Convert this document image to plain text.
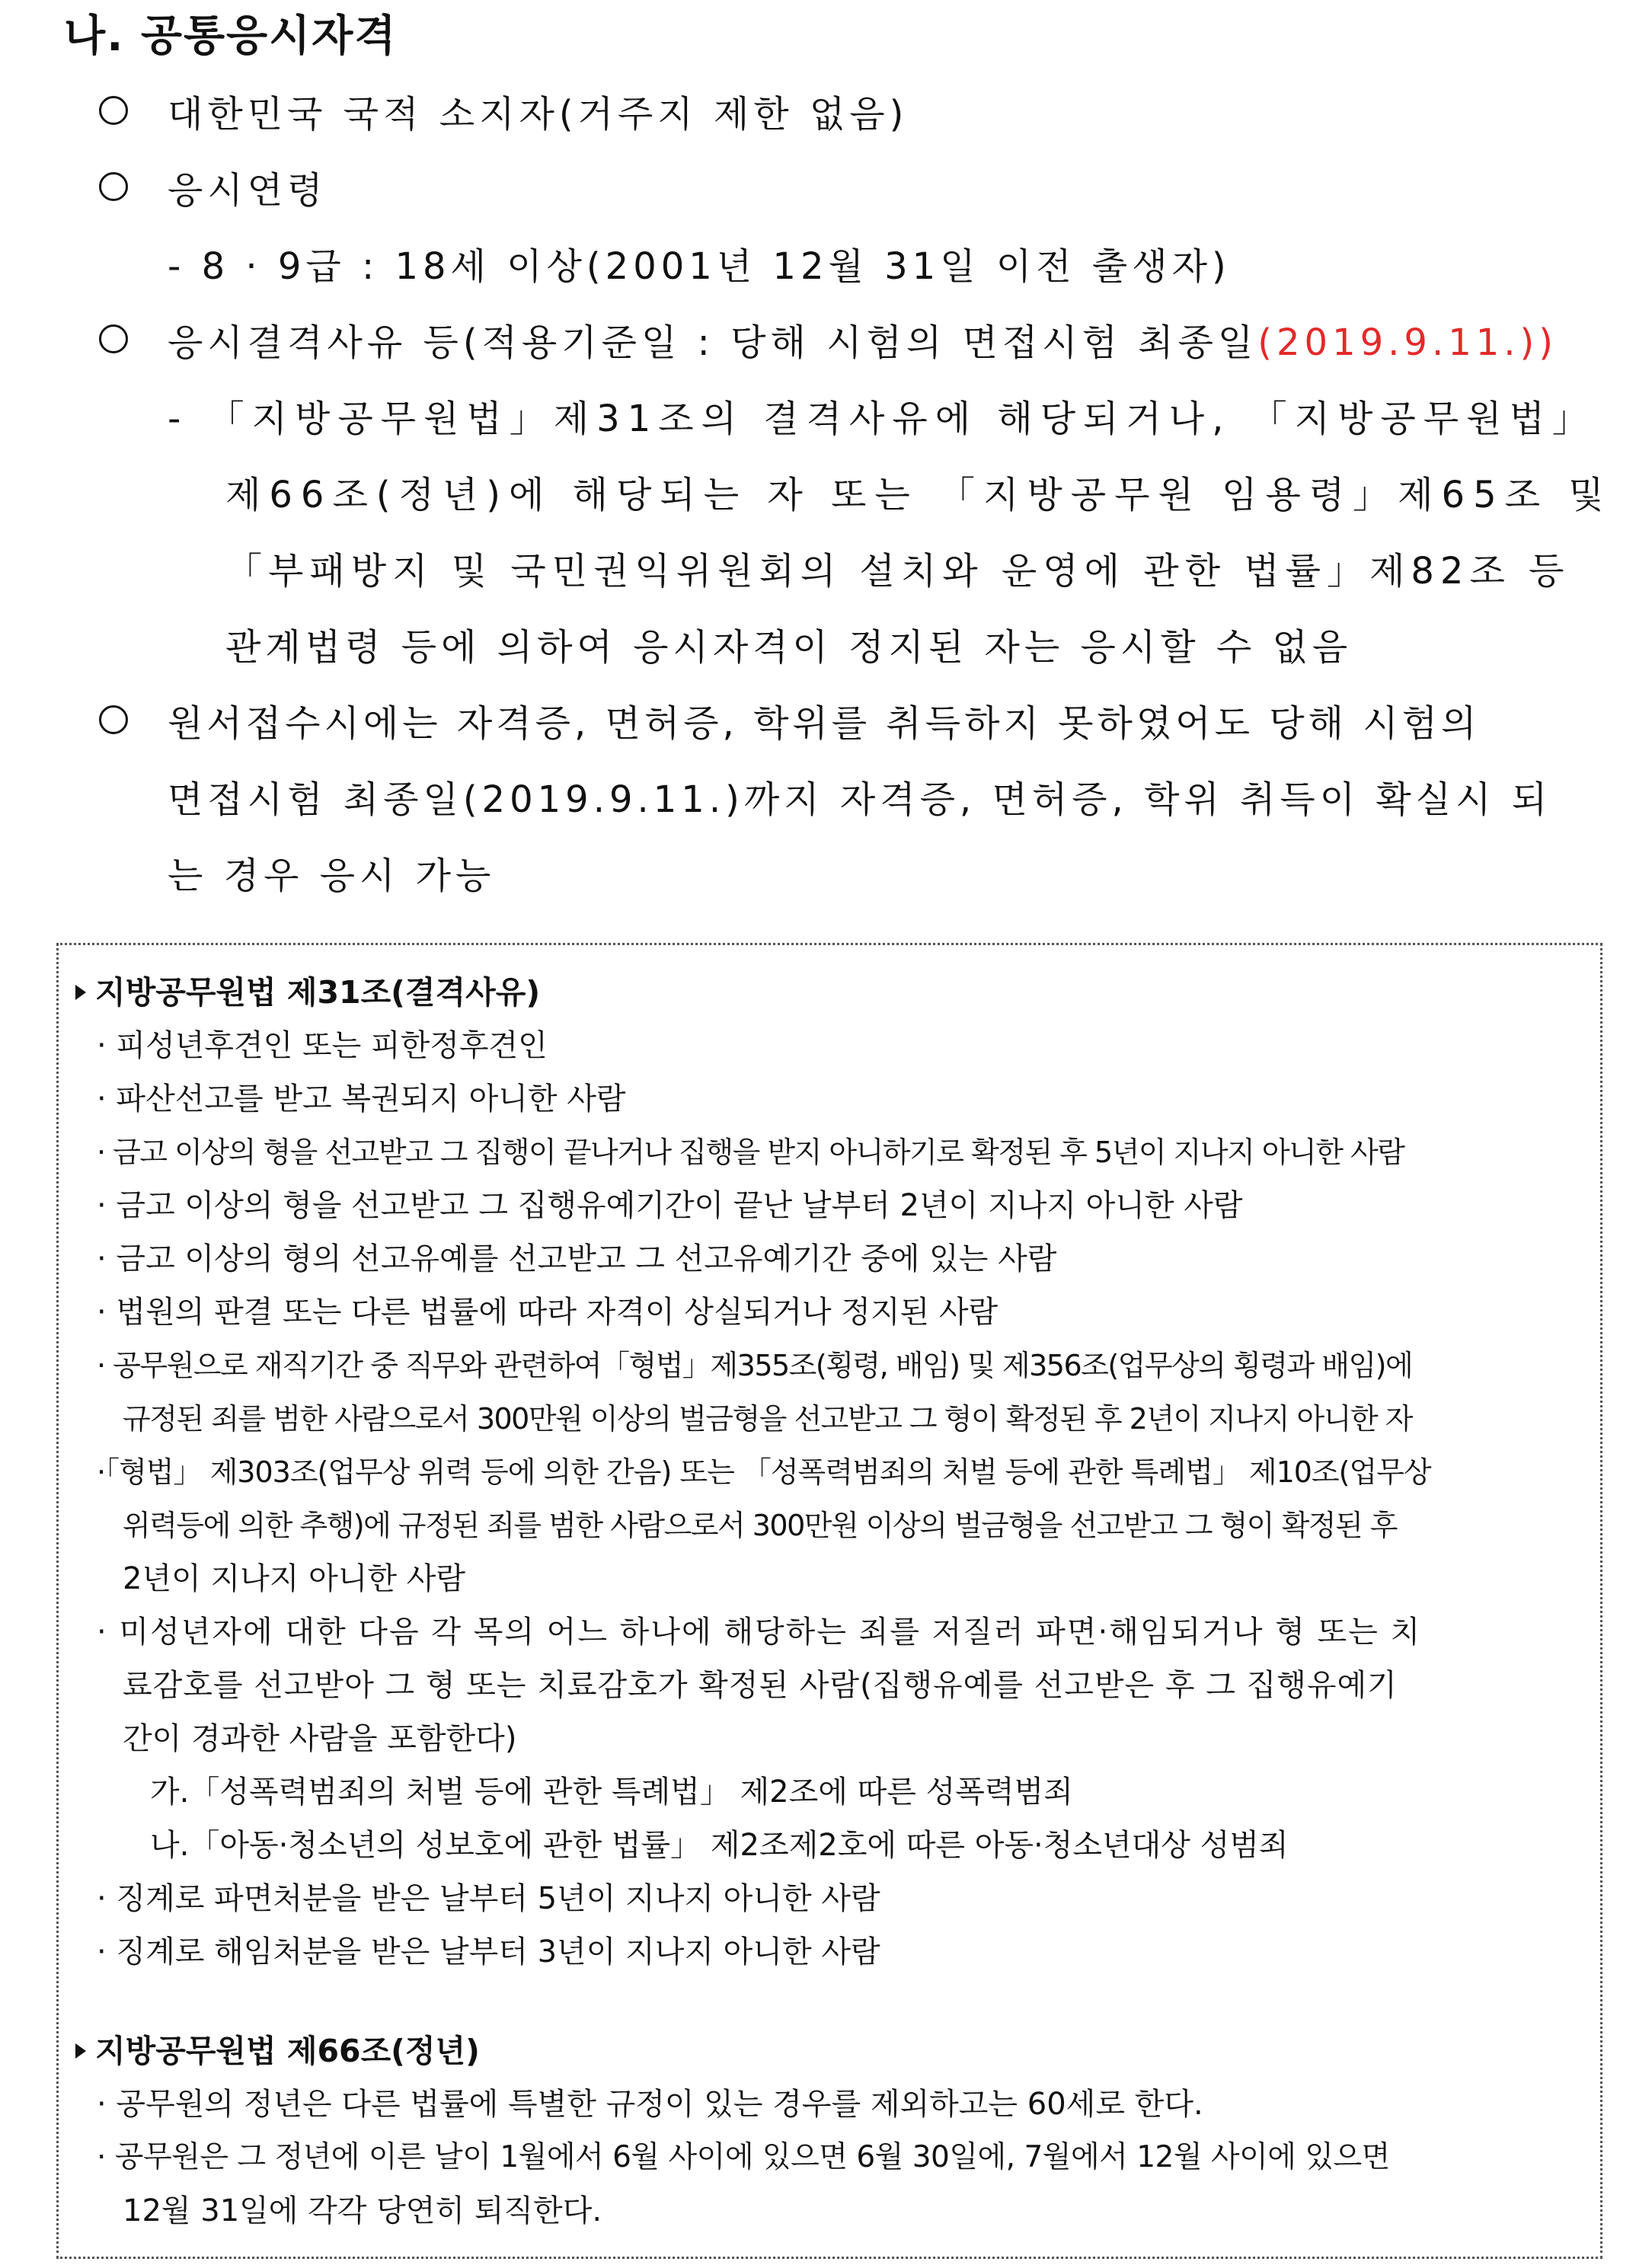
나. 공통응시자격
대한민국 국적 소지자(거주지 제한 없음)
응시연령
- 8 · 9급 : 18세 이상(2001년 12월 31일 이전 출생자)
응시결격사유 등(적용기준일 : 당해 시험의 면접시험 최종일(2019.9.11.))
- 「지방공무원법」제31조의 결격사유에 해당되거나, 「지방공무원법」
제66조(정년)에 해당되는 자 또는 「지방공무원 임용령」제65조 및
「부패방지 및 국민권익위원회의 설치와 운영에 관한 법률」제82조 등
관계법령 등에 의하여 응시자격이 정지된 자는 응시할 수 없음
원서접수시에는 자격증, 면허증, 학위를 취득하지 못하였어도 당해 시험의
면접시험 최종일(2019.9.11.)까지 자격증, 면허증, 학위 취득이 확실시 되
는 경우 응시 가능
지방공무원법 제31조(결격사유)
· 피성년후견인 또는 피한정후견인
· 파산선고를 받고 복권되지 아니한 사람
· 금고 이상의 형을 선고받고 그 집행이 끝나거나 집행을 받지 아니하기로 확정된 후 5년이 지나지 아니한 사람
· 금고 이상의 형을 선고받고 그 집행유예기간이 끝난 날부터 2년이 지나지 아니한 사람
· 금고 이상의 형의 선고유예를 선고받고 그 선고유예기간 중에 있는 사람
· 법원의 판결 또는 다른 법률에 따라 자격이 상실되거나 정지된 사람
· 공무원으로 재직기간 중 직무와 관련하여「형법」제355조(횡령, 배임) 및 제356조(업무상의 횡령과 배임)에
규정된 죄를 범한 사람으로서 300만원 이상의 벌금형을 선고받고 그 형이 확정된 후 2년이 지나지 아니한 자
·「형법」 제303조(업무상 위력 등에 의한 간음) 또는 「성폭력범죄의 처벌 등에 관한 특례법」 제10조(업무상
위력등에 의한 추행)에 규정된 죄를 범한 사람으로서 300만원 이상의 벌금형을 선고받고 그 형이 확정된 후
2년이 지나지 아니한 사람
· 미성년자에 대한 다음 각 목의 어느 하나에 해당하는 죄를 저질러 파면·해임되거나 형 또는 치
료감호를 선고받아 그 형 또는 치료감호가 확정된 사람(집행유예를 선고받은 후 그 집행유예기
간이 경과한 사람을 포함한다)
가.「성폭력범죄의 처벌 등에 관한 특례법」 제2조에 따른 성폭력범죄
나.「아동·청소년의 성보호에 관한 법률」 제2조제2호에 따른 아동·청소년대상 성범죄
· 징계로 파면처분을 받은 날부터 5년이 지나지 아니한 사람
· 징계로 해임처분을 받은 날부터 3년이 지나지 아니한 사람
지방공무원법 제66조(정년)
· 공무원의 정년은 다른 법률에 특별한 규정이 있는 경우를 제외하고는 60세로 한다.
· 공무원은 그 정년에 이른 날이 1월에서 6월 사이에 있으면 6월 30일에, 7월에서 12월 사이에 있으면
12월 31일에 각각 당연히 퇴직한다.
